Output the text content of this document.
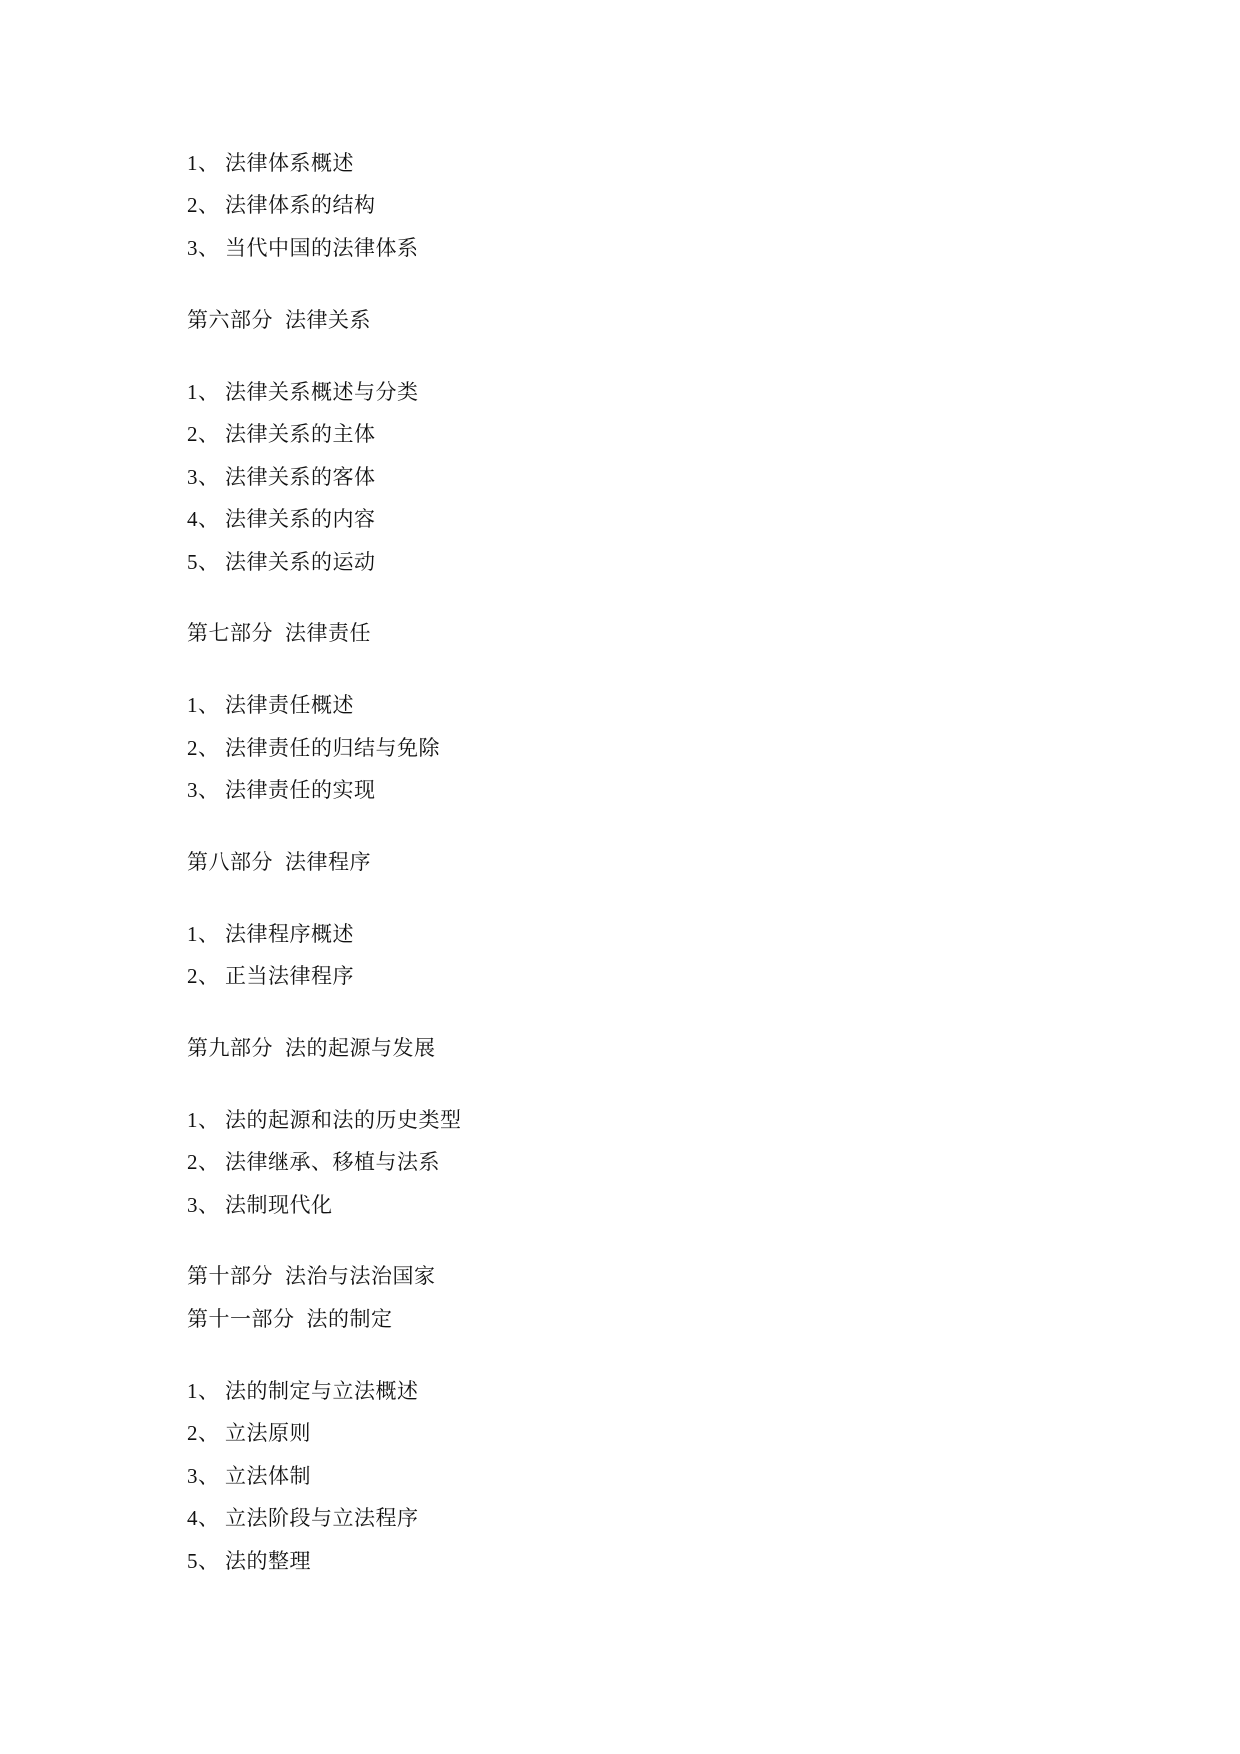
1、 法律体系概述
2、 法律体系的结构
3、 当代中国的法律体系
第六部分 法律关系
1、 法律关系概述与分类
2、 法律关系的主体
3、 法律关系的客体
4、 法律关系的内容
5、 法律关系的运动
第七部分 法律责任
1、 法律责任概述
2、 法律责任的归结与免除
3、 法律责任的实现
第八部分 法律程序
1、 法律程序概述
2、 正当法律程序
第九部分 法的起源与发展
1、 法的起源和法的历史类型
2、 法律继承、移植与法系
3、 法制现代化
第十部分 法治与法治国家
第十一部分 法的制定
1、 法的制定与立法概述
2、 立法原则
3、 立法体制
4、 立法阶段与立法程序
5、 法的整理
